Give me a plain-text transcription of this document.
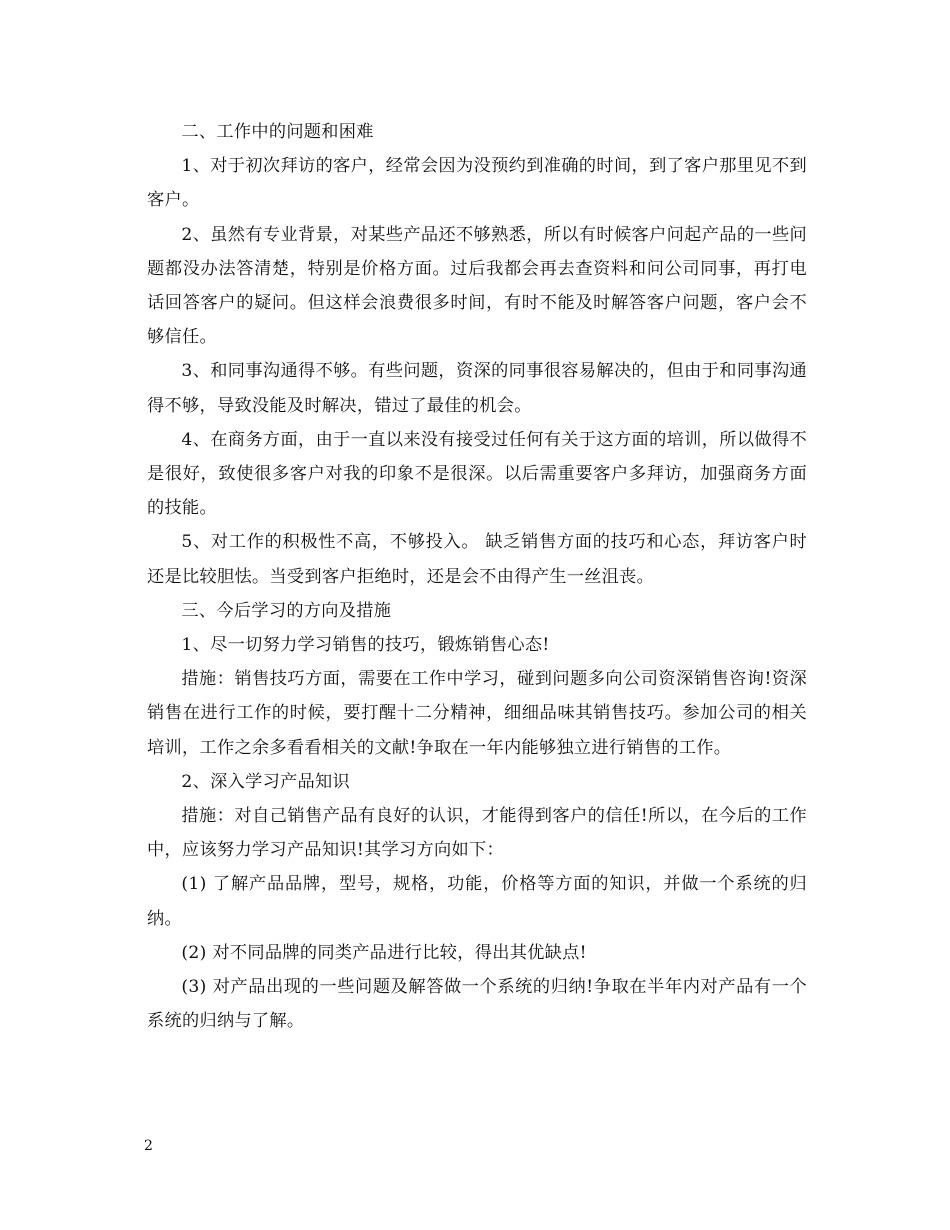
二、工作中的问题和困难

1、对于初次拜访的客户，经常会因为没预约到准确的时间，到了客户那里见不到客户。

2、虽然有专业背景，对某些产品还不够熟悉，所以有时候客户问起产品的一些问题都没办法答清楚，特别是价格方面。过后我都会再去查资料和问公司同事，再打电话回答客户的疑问。但这样会浪费很多时间，有时不能及时解答客户问题，客户会不够信任。

3、和同事沟通得不够。有些问题，资深的同事很容易解决的，但由于和同事沟通得不够，导致没能及时解决，错过了最佳的机会。

4、在商务方面，由于一直以来没有接受过任何有关于这方面的培训，所以做得不是很好，致使很多客户对我的印象不是很深。以后需重要客户多拜访，加强商务方面的技能。

5、对工作的积极性不高，不够投入。 缺乏销售方面的技巧和心态，拜访客户时还是比较胆怯。当受到客户拒绝时，还是会不由得产生一丝沮丧。

三、今后学习的方向及措施

1、尽一切努力学习销售的技巧，锻炼销售心态!

措施：销售技巧方面，需要在工作中学习，碰到问题多向公司资深销售咨询!资深销售在进行工作的时候，要打醒十二分精神，细细品味其销售技巧。参加公司的相关培训，工作之余多看看相关的文献!争取在一年内能够独立进行销售的工作。

2、深入学习产品知识

措施：对自己销售产品有良好的认识，才能得到客户的信任!所以，在今后的工作中，应该努力学习产品知识!其学习方向如下：

(1) 了解产品品牌，型号，规格，功能，价格等方面的知识，并做一个系统的归纳。

(2) 对不同品牌的同类产品进行比较，得出其优缺点!

(3) 对产品出现的一些问题及解答做一个系统的归纳!争取在半年内对产品有一个系统的归纳与了解。

2
